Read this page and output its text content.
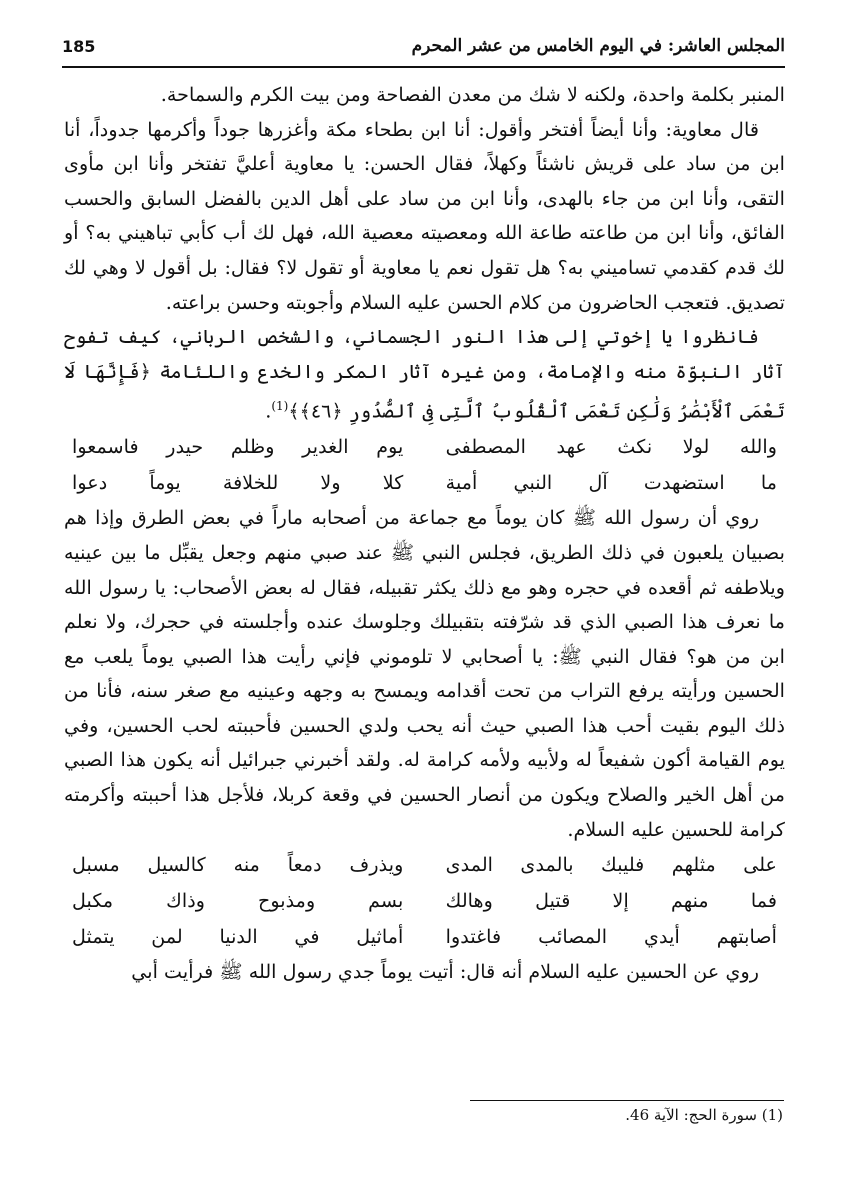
185	المجلس العاشر: في اليوم الخامس من عشر المحرم

المنبر بكلمة واحدة، ولكنه لا شك من معدن الفصاحة ومن بيت الكرم والسماحة.

قال معاوية: وأنا أيضاً أفتخر وأقول: أنا ابن بطحاء مكة وأغزرها جوداً وأكرمها جدوداً، أنا ابن من ساد على قريش ناشئاً وكهلاً، فقال الحسن: يا معاوية أعليَّ تفتخر وأنا ابن مأوى التقى، وأنا ابن من جاء بالهدى، وأنا ابن من ساد على أهل الدين بالفضل السابق والحسب الفائق، وأنا ابن من طاعته طاعة الله ومعصيته معصية الله، فهل لك أب كأبي تباهيني به؟ أو لك قدم كقدمي تساميني به؟ هل تقول نعم يا معاوية أو تقول لا؟ فقال: بل أقول لا وهي لك تصديق. فتعجب الحاضرون من كلام الحسن عليه السلام وأجوبته وحسن براعته.

فانظروا يا إخوتي إلى هذا النور الجسماني، والشخص الرباني، كيف تفوح آثار النبوّة منه والإمامة، ومن غيره آثار المكر والخدع واللئامة ﴿فَإِنَّهَا لَا تَعْمَى ٱلْأَبْصَٰرُ وَلَٰكِن تَعْمَى ٱلْقُلُوبُ ٱلَّتِى فِى ٱلصُّدُورِ ﴿٤٦﴾﴾$^{(1)}$.

والله لولا نكث عهد المصطفى
يوم الغدير وظلم حيدر فاسمعوا
ما استضهدت آل النبي أمية
كلا ولا للخلافة يوماً دعوا

روي أن رسول الله ﷺ كان يوماً مع جماعة من أصحابه ماراً في بعض الطرق وإذا هم بصبيان يلعبون في ذلك الطريق، فجلس النبي ﷺ عند صبي منهم وجعل يقبِّل ما بين عينيه ويلاطفه ثم أقعده في حجره وهو مع ذلك يكثر تقبيله، فقال له بعض الأصحاب: يا رسول الله ما نعرف هذا الصبي الذي قد شرّفته بتقبيلك وجلوسك عنده وأجلسته في حجرك، ولا نعلم ابن من هو؟ فقال النبي ﷺ: يا أصحابي لا تلوموني فإني رأيت هذا الصبي يوماً يلعب مع الحسين ورأيته يرفع التراب من تحت أقدامه ويمسح به وجهه وعينيه مع صغر سنه، فأنا من ذلك اليوم بقيت أحب هذا الصبي حيث أنه يحب ولدي الحسين فأحببته لحب الحسين، وفي يوم القيامة أكون شفيعاً له ولأبيه ولأمه كرامة له. ولقد أخبرني جبرائيل أنه يكون هذا الصبي من أهل الخير والصلاح ويكون من أنصار الحسين في وقعة كربلا، فلأجل هذا أحببته وأكرمته كرامة للحسين عليه السلام.

على مثلهم فليبك بالمدى المدى
ويذرف دمعاً منه كالسيل مسبل
فما منهم إلا قتيل وهالك
بسم ومذبوح وذاك مكبل
أصابتهم أيدي المصائب فاغتدوا
أماثيل في الدنيا لمن يتمثل

روي عن الحسين عليه السلام أنه قال: أتيت يوماً جدي رسول الله ﷺ فرأيت أبي

(1) سورة الحج: الآية 46.
